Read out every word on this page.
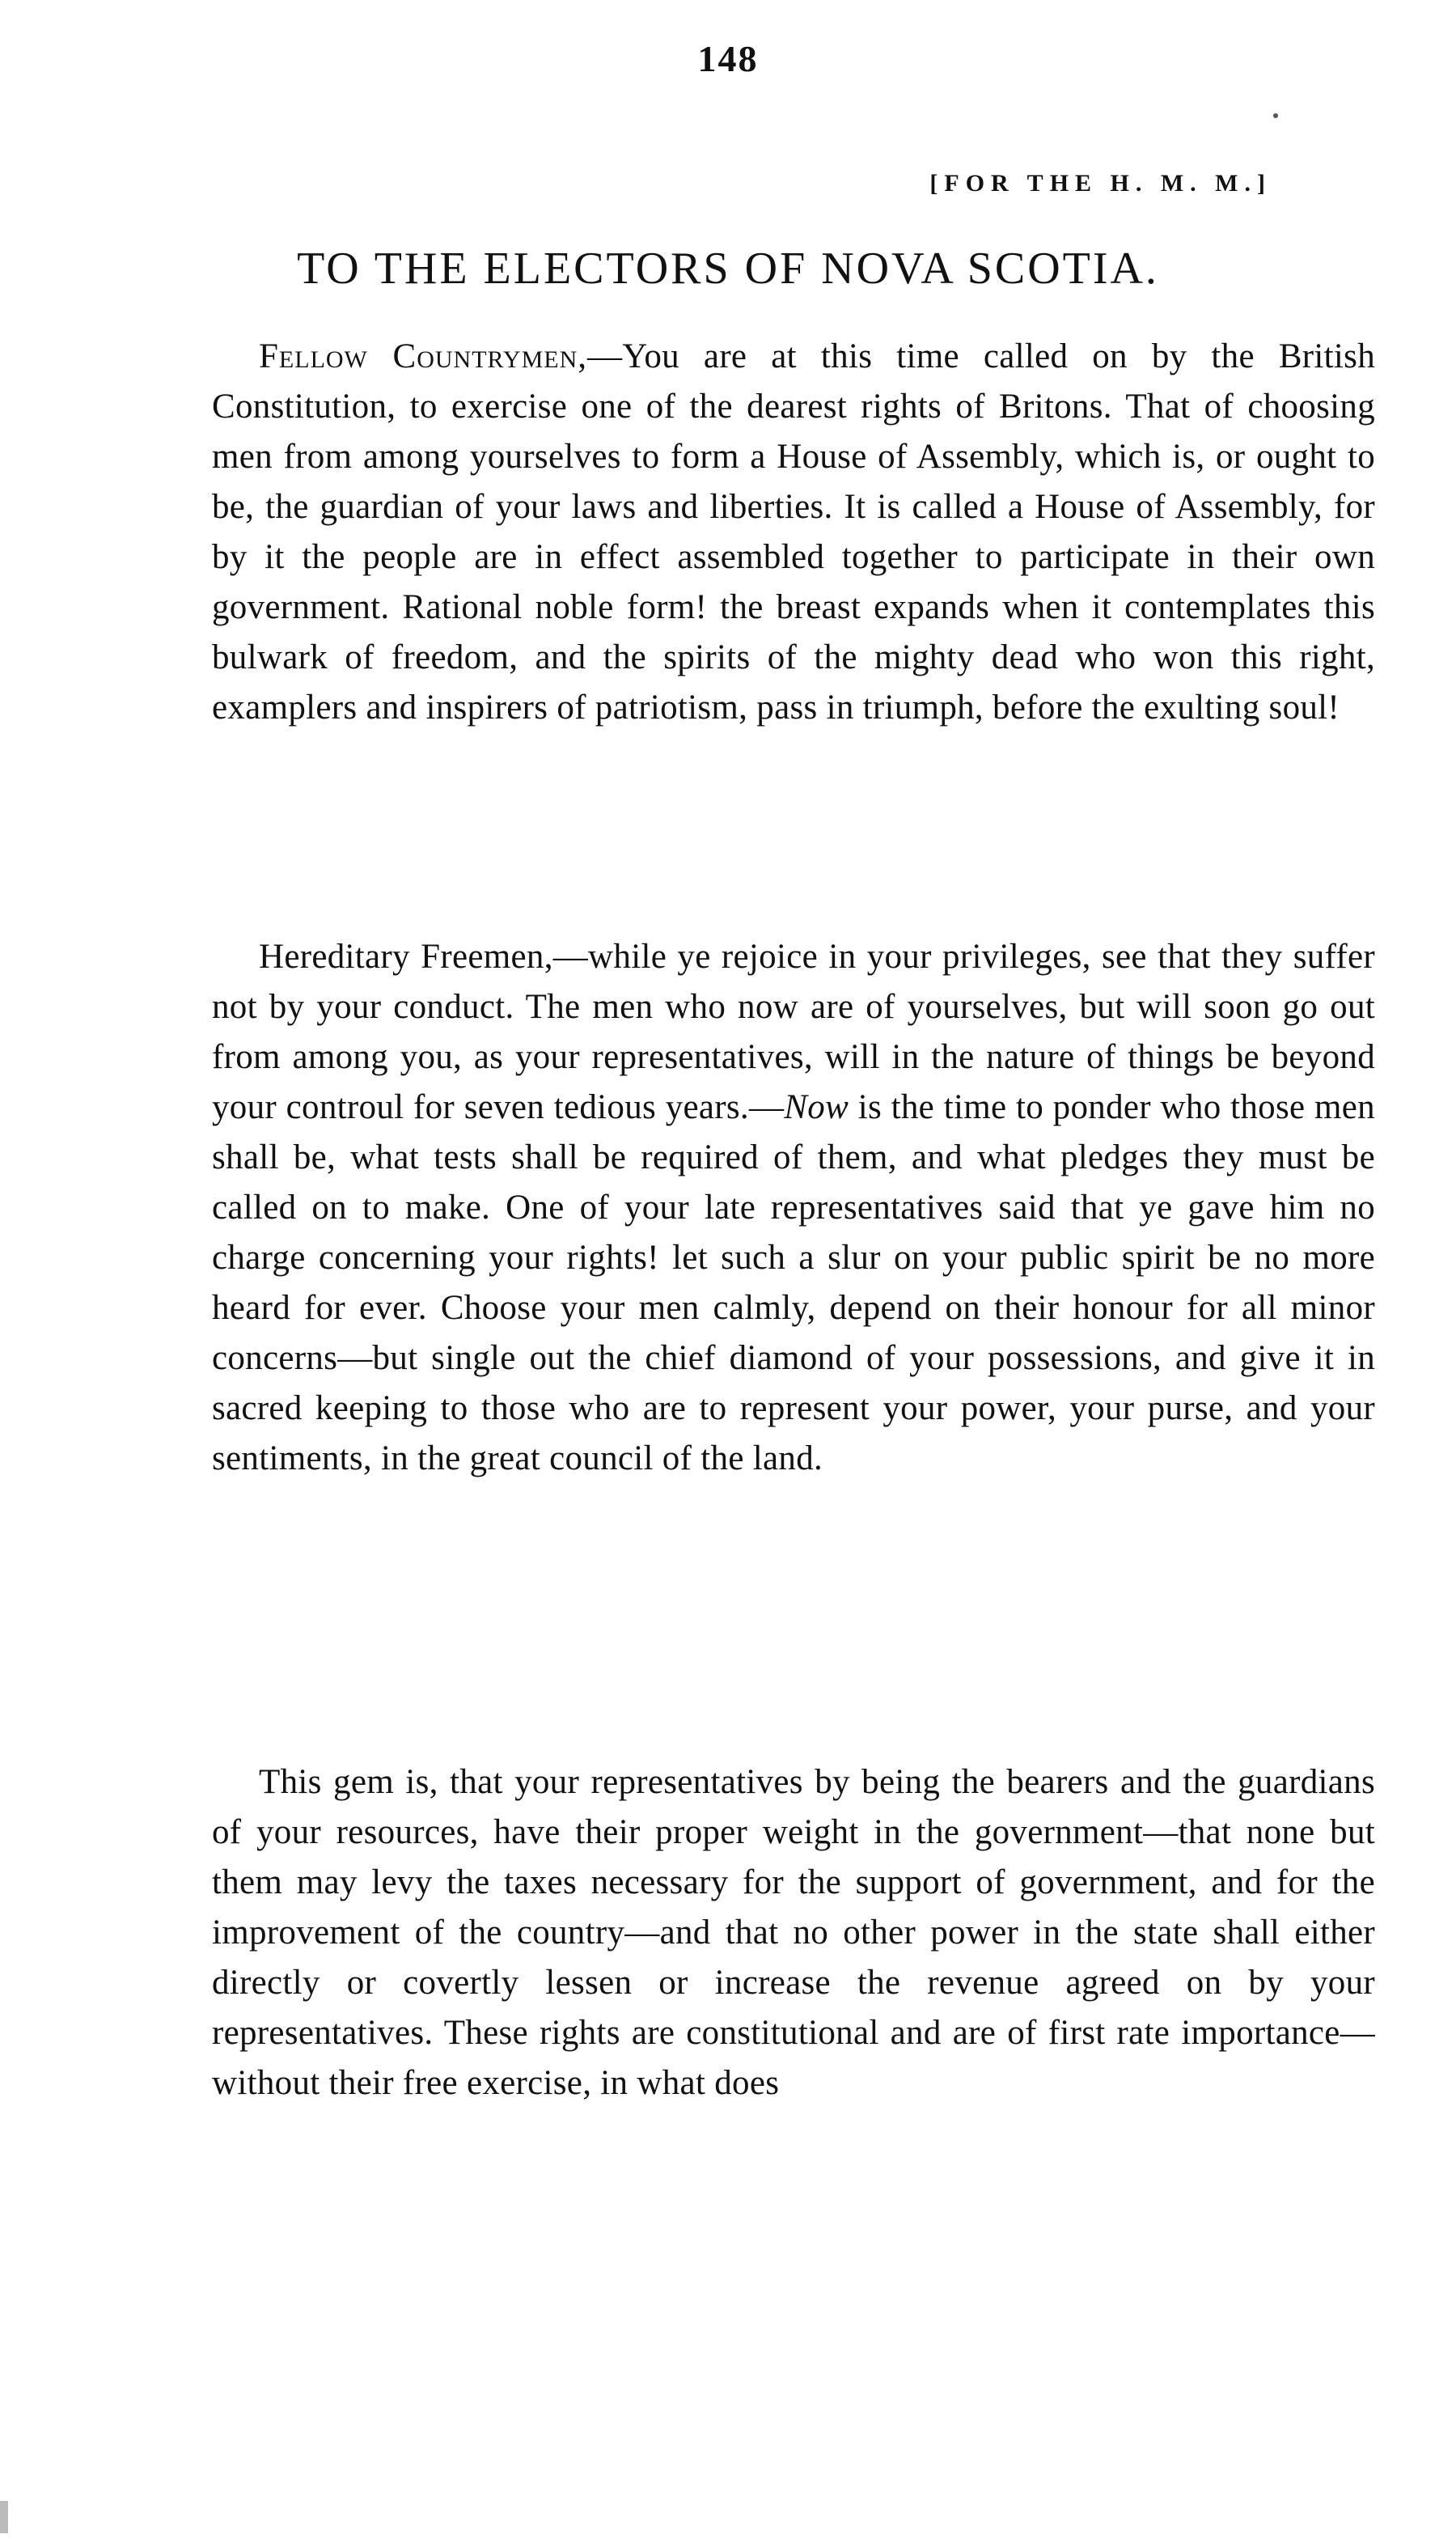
148
[FOR THE H. M. M.]
TO THE ELECTORS OF NOVA SCOTIA.

Fellow Countrymen,—You are at this time called on by the British Constitution, to exercise one of the dearest rights of Britons. That of choosing men from among yourselves to form a House of Assembly, which is, or ought to be, the guardian of your laws and liberties. It is called a House of Assembly, for by it the people are in effect assembled together to participate in their own government. Rational noble form! the breast expands when it contemplates this bulwark of freedom, and the spirits of the mighty dead who won this right, examplers and inspirers of patriotism, pass in triumph, before the exulting soul!

Hereditary Freemen,—while ye rejoice in your privileges, see that they suffer not by your conduct. The men who now are of yourselves, but will soon go out from among you, as your representatives, will in the nature of things be beyond your controul for seven tedious years.—Now is the time to ponder who those men shall be, what tests shall be required of them, and what pledges they must be called on to make. One of your late representatives said that ye gave him no charge concerning your rights! let such a slur on your public spirit be no more heard for ever. Choose your men calmly, depend on their honour for all minor concerns—but single out the chief diamond of your possessions, and give it in sacred keeping to those who are to represent your power, your purse, and your sentiments, in the great council of the land.

This gem is, that your representatives by being the bearers and the guardians of your resources, have their proper weight in the government—that none but them may levy the taxes necessary for the support of government, and for the improvement of the country—and that no other power in the state shall either directly or covertly lessen or increase the revenue agreed on by your representatives. These rights are constitutional and are of first rate importance—without their free exercise, in what does
